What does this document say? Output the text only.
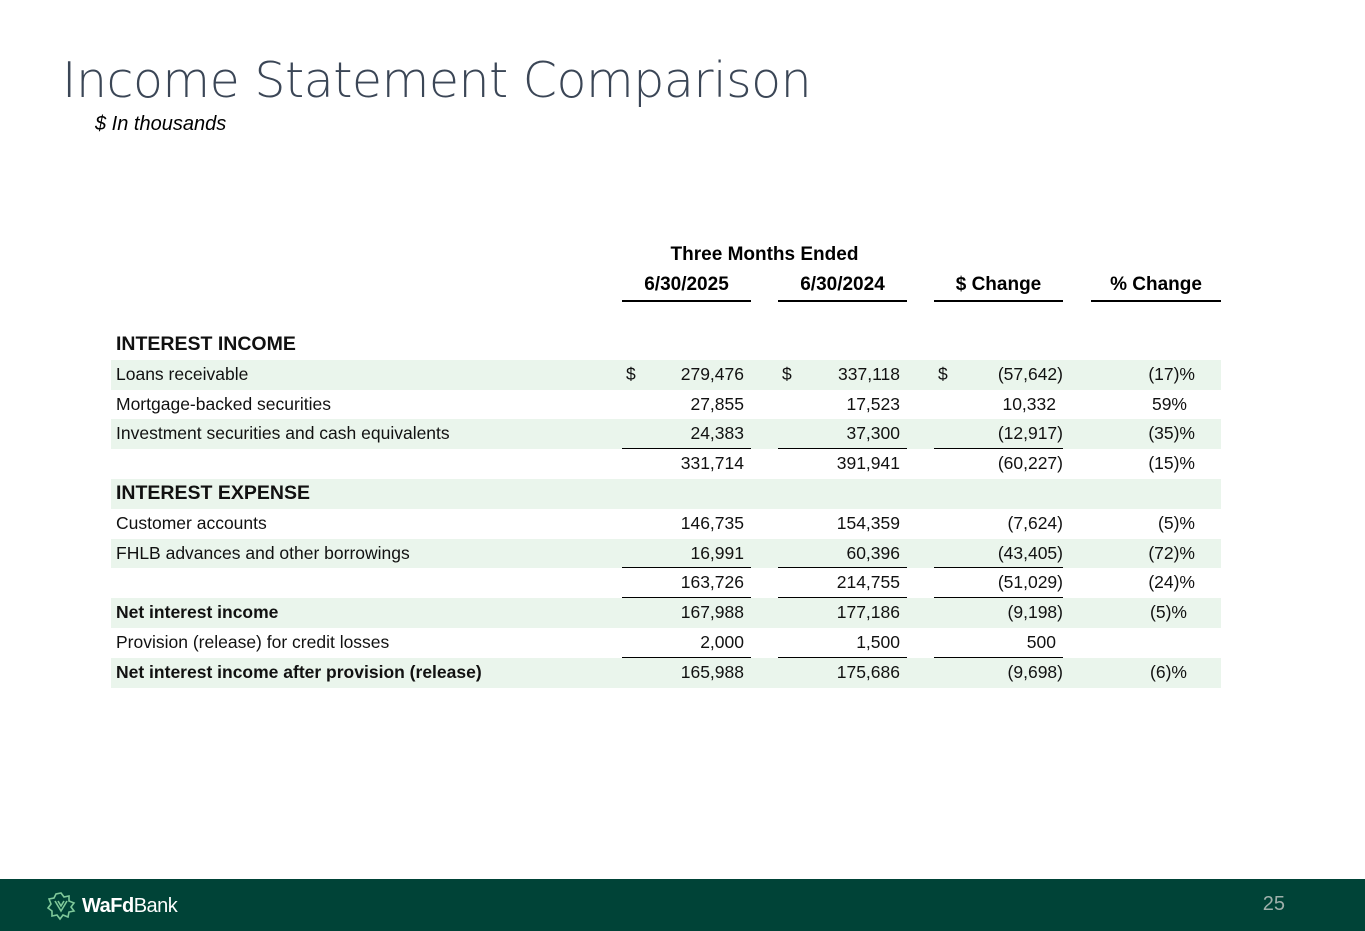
Income Statement Comparison
$ In thousands
Three Months Ended
6/30/2025	6/30/2024	$ Change	% Change
INTEREST INCOME
Loans receivable	$	279,476	$	337,118	$	(57,642)	(17)%
Mortgage-backed securities	27,855	17,523	10,332	59%
Investment securities and cash equivalents	24,383	37,300	(12,917)	(35)%
331,714	391,941	(60,227)	(15)%
INTEREST EXPENSE
Customer accounts	146,735	154,359	(7,624)	(5)%
FHLB advances and other borrowings	16,991	60,396	(43,405)	(72)%
163,726	214,755	(51,029)	(24)%
Net interest income	167,988	177,186	(9,198)	(5)%
Provision (release) for credit losses	2,000	1,500	500
Net interest income after provision (release)	165,988	175,686	(9,698)	(6)%
WaFdBank	25
